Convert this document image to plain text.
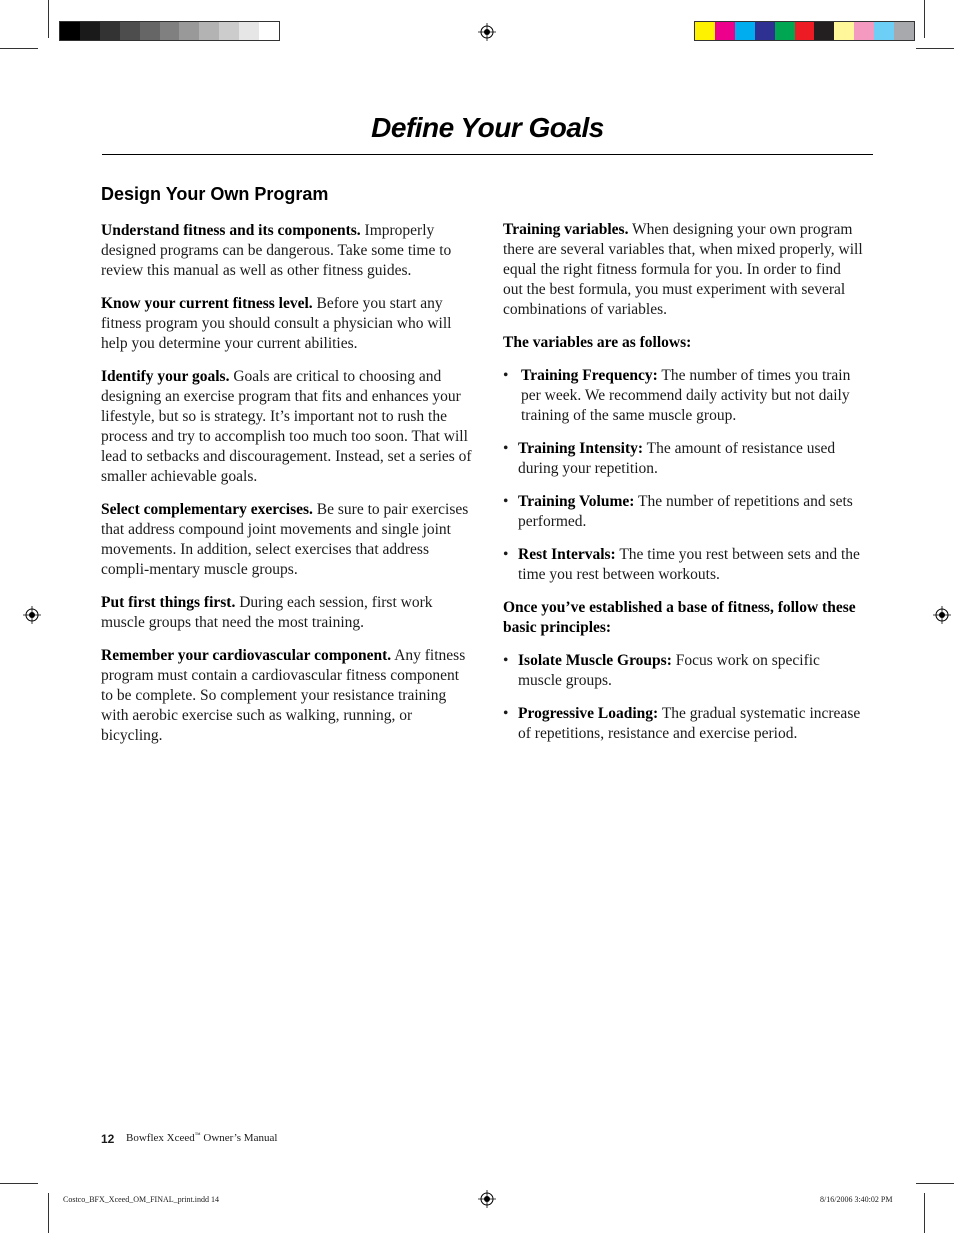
Define Your Goals
Design Your Own Program

Understand fitness and its components. Improperly designed programs can be dangerous. Take some time to review this manual as well as other fitness guides.

Know your current fitness level. Before you start any fitness program you should consult a physician who will help you determine your current abilities.

Identify your goals. Goals are critical to choosing and designing an exercise program that fits and enhances your lifestyle, but so is strategy. It’s important not to rush the process and try to accomplish too much too soon. That will lead to setbacks and discouragement. Instead, set a series of smaller achievable goals.

Select complementary exercises. Be sure to pair exercises that address compound joint movements and single joint movements. In addition, select exercises that address compli-mentary muscle groups.

Put first things first. During each session, first work muscle groups that need the most training.

Remember your cardiovascular component. Any fitness program must contain a cardiovascular fitness component to be complete. So complement your resistance training with aerobic exercise such as walking, running, or bicycling.

Training variables. When designing your own program there are several variables that, when mixed properly, will equal the right fitness formula for you. In order to find out the best formula, you must experiment with several combinations of variables.

The variables are as follows:

• Training Frequency: The number of times you train per week. We recommend daily activity but not daily training of the same muscle group.
• Training Intensity: The amount of resistance used during your repetition.
• Training Volume: The number of repetitions and sets performed.
• Rest Intervals: The time you rest between sets and the time you rest between workouts.

Once you’ve established a base of fitness, follow these basic principles:

• Isolate Muscle Groups: Focus work on specific muscle groups.
• Progressive Loading: The gradual systematic increase of repetitions, resistance and exercise period.
12 Bowflex Xceed™ Owner’s Manual
Costco_BFX_Xceed_OM_FINAL_print.indd 14	8/16/2006 3:40:02 PM
